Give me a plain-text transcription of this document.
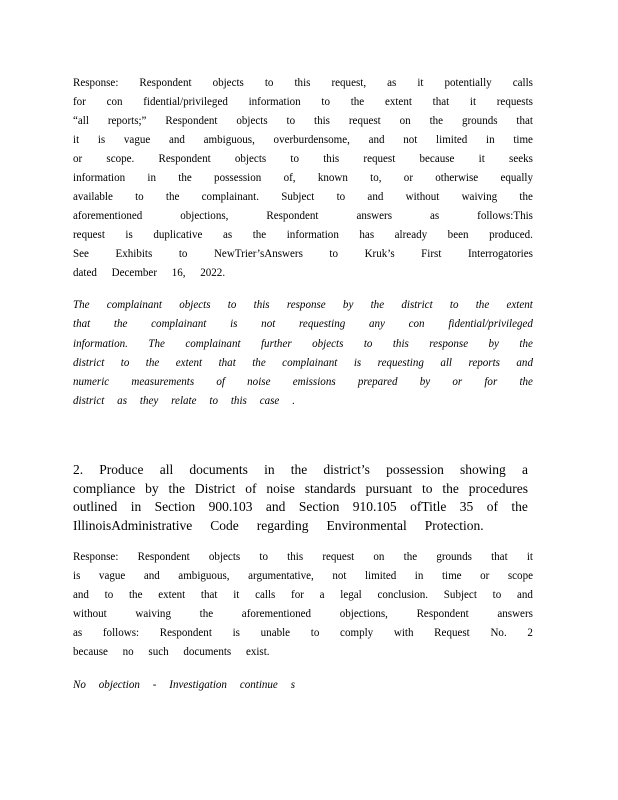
Response: Respondent objects to this request, as it potentially calls
for con fidential/privileged information to the extent that it requests
“all reports;” Respondent objects to this request on the grounds that
it is vague and ambiguous, overburdensome, and not limited in time
or scope. Respondent objects to this request because it seeks
information in the possession of, known to, or otherwise equally
available to the complainant. Subject to and without waiving the
aforementioned	objections,	Respondent	answers	as	follows:This
request is duplicative as the information has already been produced.
See Exhibits to NewTrier’sAnswers to Kruk’s First Interrogatories
dated December 16, 2022.
The complainant objects to this response by the district to the extent
that the complainant is not requesting any con fidential/privileged
information. The complainant further objects to this response by the
district to the extent that the complainant is requesting all reports and
numeric measurements of noise emissions prepared by or for the
district as they relate to this case .
2. Produce all documents in the district’s possession showing a
compliance by the District of noise standards pursuant to the procedures
outlined in Section 900.103 and Section 910.105 ofTitle 35 of the
IllinoisAdministrative Code regarding Environmental Protection.
Response: Respondent objects to this request on the grounds that it
is vague and ambiguous, argumentative, not limited in time or scope
and to the extent that it calls for a legal conclusion. Subject to and
without waiving the aforementioned objections, Respondent answers
as follows: Respondent is unable to comply with Request No. 2
because no such documents exist.
No objection - Investigation continue s
